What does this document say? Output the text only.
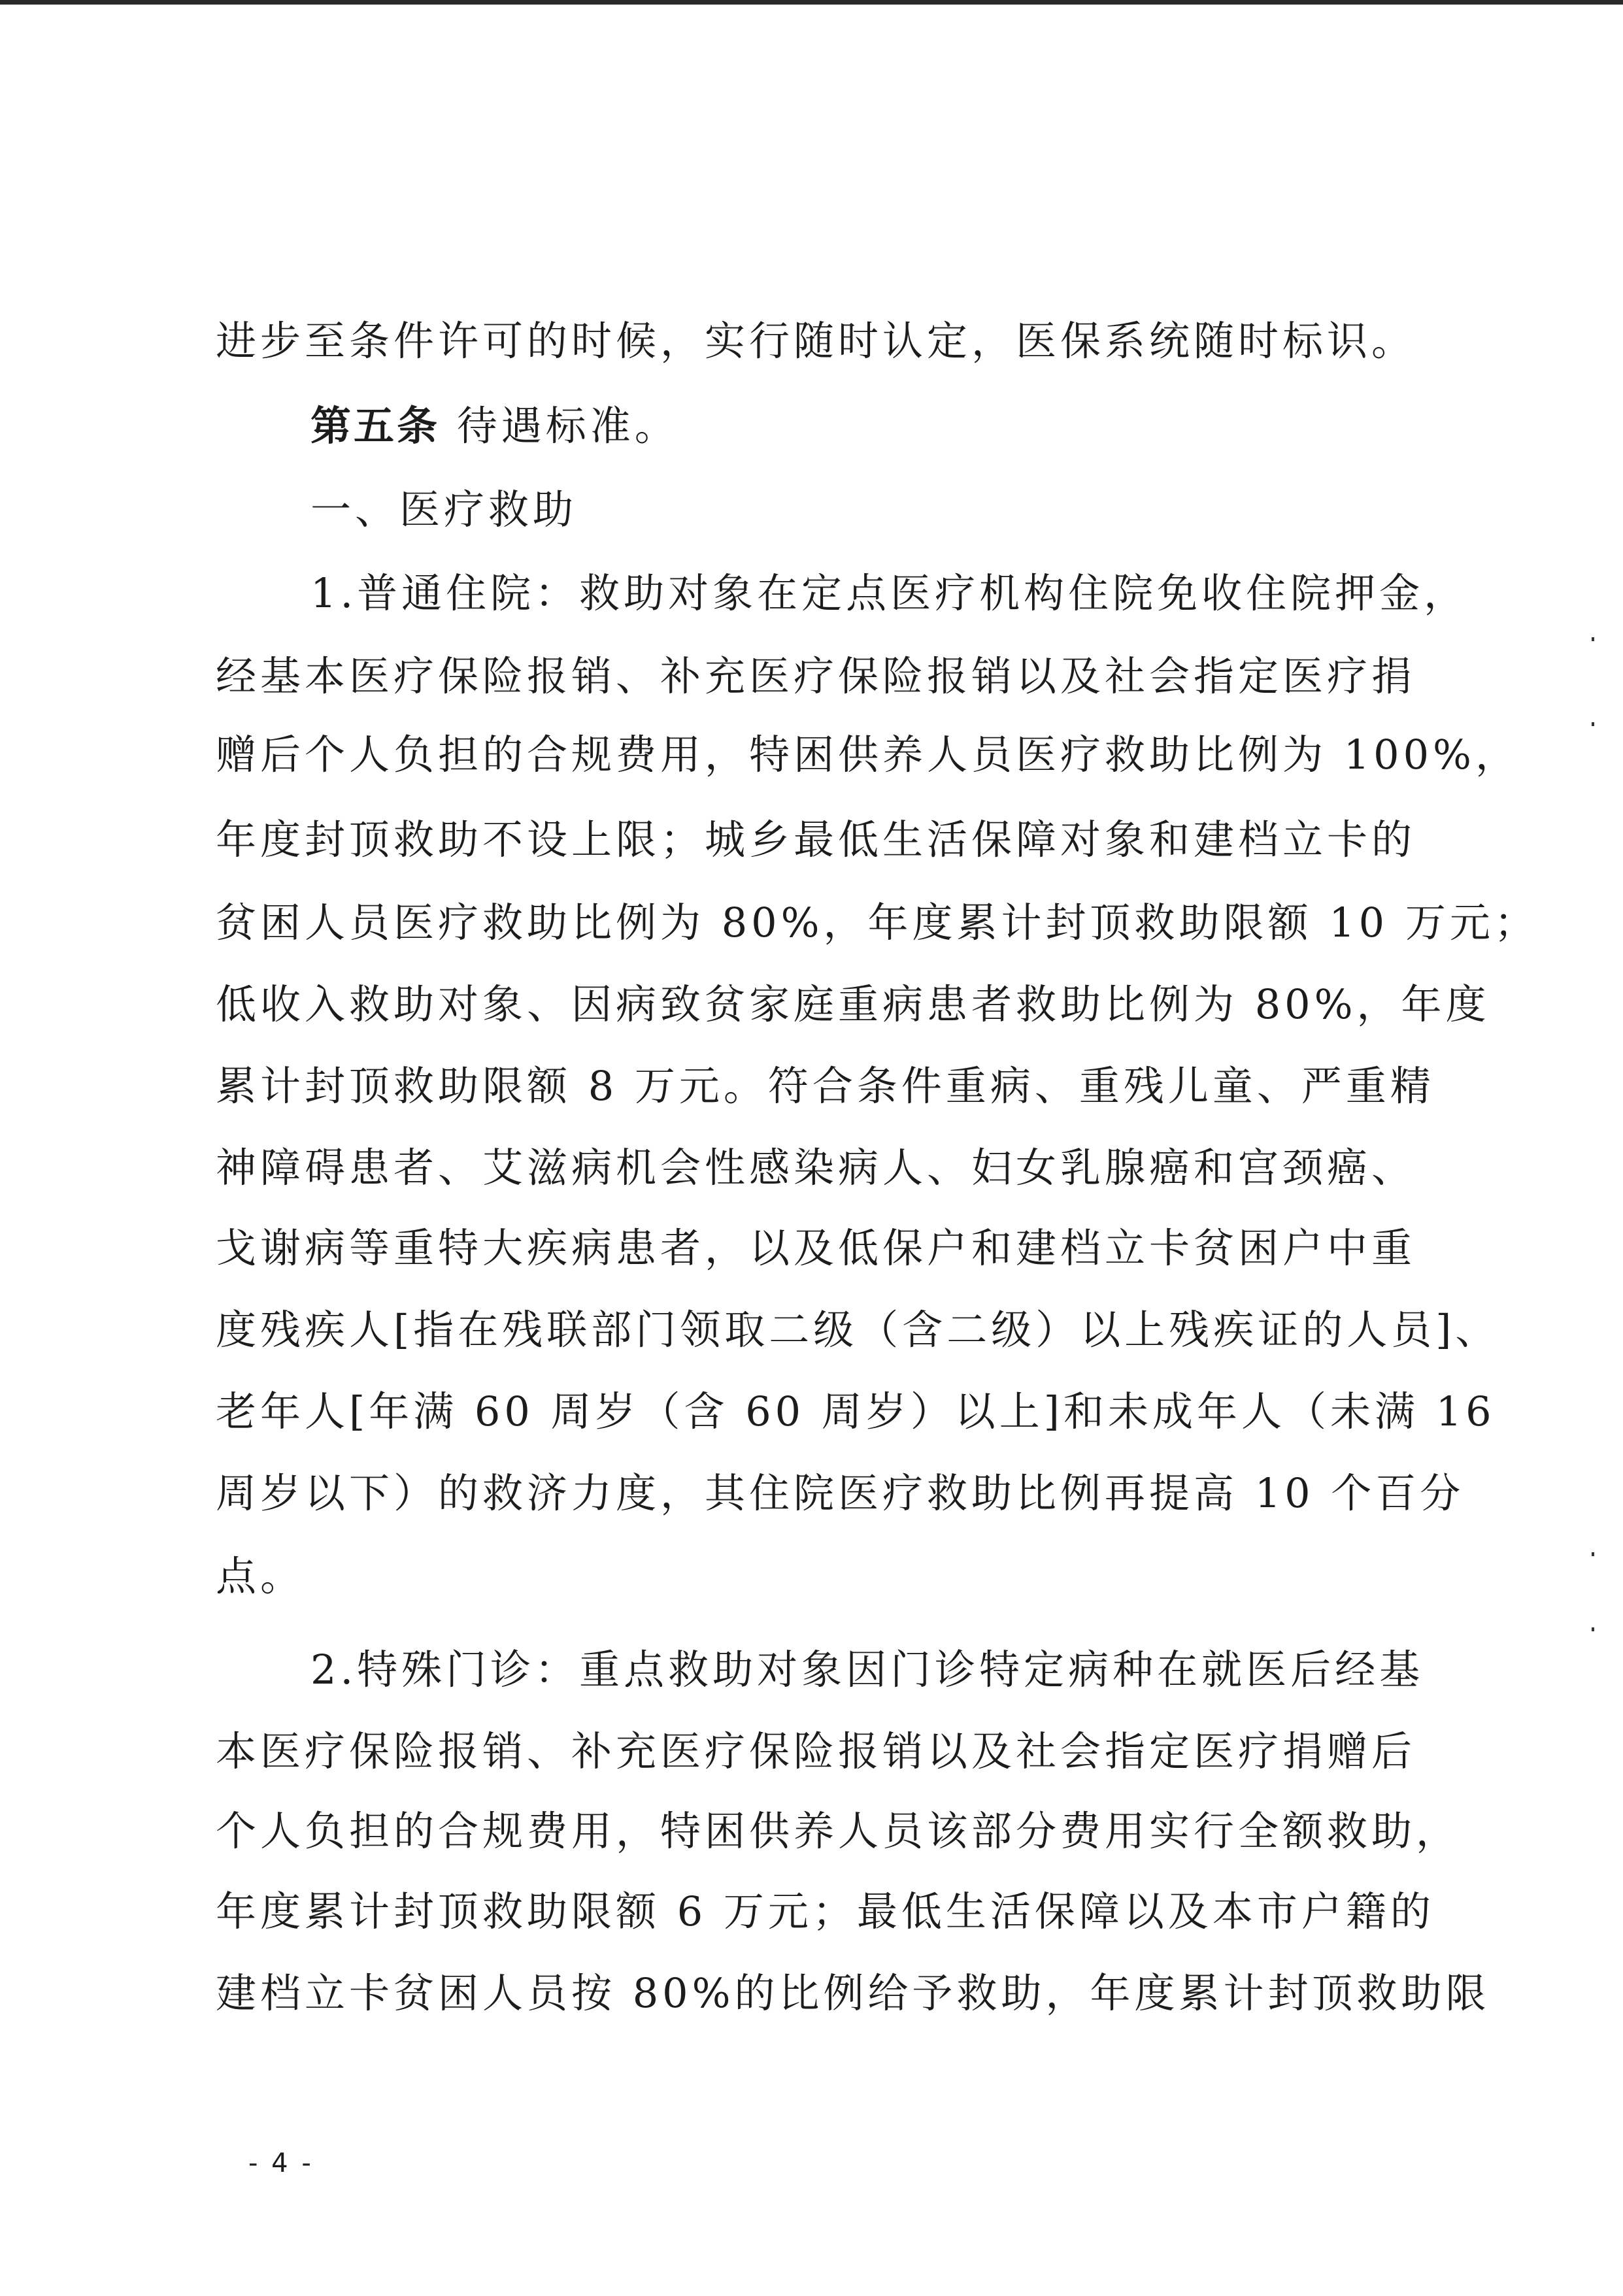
进步至条件许可的时候，实行随时认定，医保系统随时标识。
第五条 待遇标准。
一、医疗救助
1.普通住院：救助对象在定点医疗机构住院免收住院押金，
经基本医疗保险报销、补充医疗保险报销以及社会指定医疗捐
赠后个人负担的合规费用，特困供养人员医疗救助比例为 100%，
年度封顶救助不设上限；城乡最低生活保障对象和建档立卡的
贫困人员医疗救助比例为 80%，年度累计封顶救助限额 10 万元；
低收入救助对象、因病致贫家庭重病患者救助比例为 80%，年度
累计封顶救助限额 8 万元。符合条件重病、重残儿童、严重精
神障碍患者、艾滋病机会性感染病人、妇女乳腺癌和宫颈癌、
戈谢病等重特大疾病患者，以及低保户和建档立卡贫困户中重
度残疾人[指在残联部门领取二级（含二级）以上残疾证的人员]、
老年人[年满 60 周岁（含 60 周岁）以上]和未成年人（未满 16
周岁以下）的救济力度，其住院医疗救助比例再提高 10 个百分
点。
2.特殊门诊：重点救助对象因门诊特定病种在就医后经基
本医疗保险报销、补充医疗保险报销以及社会指定医疗捐赠后
个人负担的合规费用，特困供养人员该部分费用实行全额救助，
年度累计封顶救助限额 6 万元；最低生活保障以及本市户籍的
建档立卡贫困人员按 80%的比例给予救助，年度累计封顶救助限
- 4 -
